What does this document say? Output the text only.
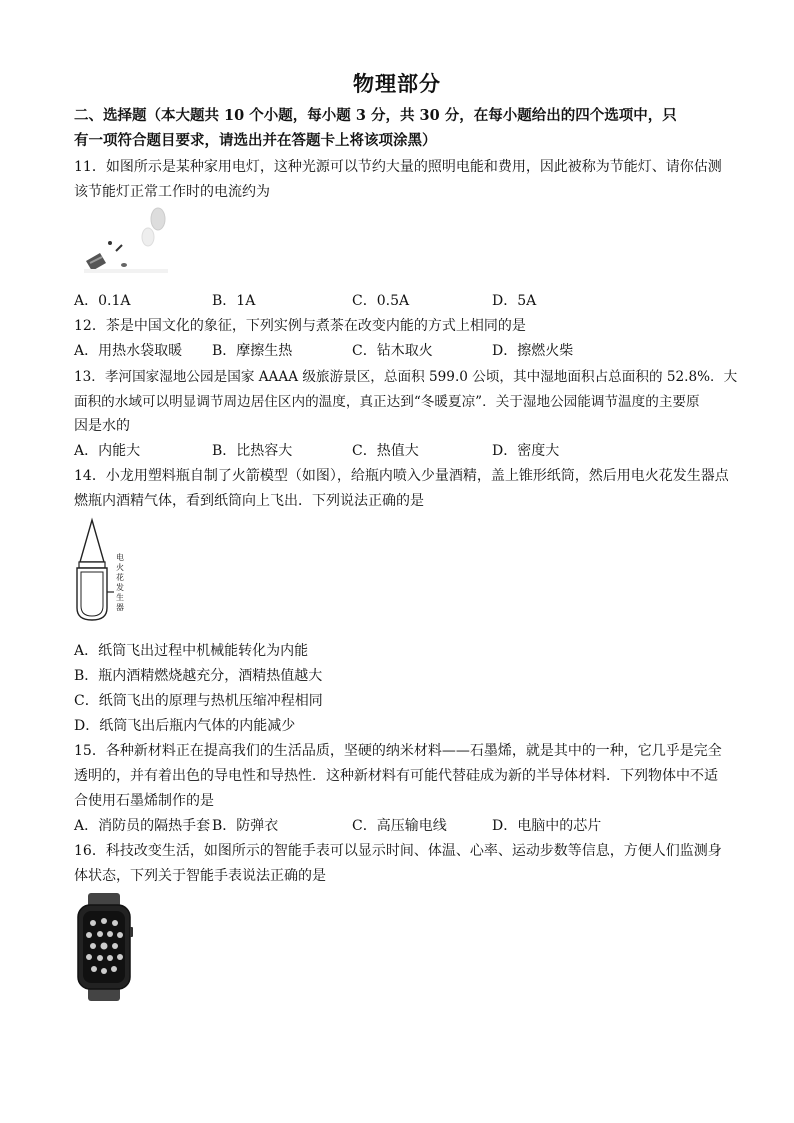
物理部分
二、选择题（本大题共 10 个小题，每小题 3 分，共 30 分，在每小题给出的四个选项中，只
有一项符合题目要求，请选出并在答题卡上将该项涂黑）
11．如图所示是某种家用电灯，这种光源可以节约大量的照明电能和费用，因此被称为节能灯、请你估测
该节能灯正常工作时的电流约为
A．0.1A	B．1A	C．0.5A	D．5A
12．茶是中国文化的象征，下列实例与煮茶在改变内能的方式上相同的是
A．用热水袋取暖 B．摩擦生热	C．钻木取火	D．擦燃火柴
13．孝河国家湿地公园是国家 AAAA 级旅游景区，总面积 599.0 公顷，其中湿地面积占总面积的 52.8%．大
面积的水域可以明显调节周边居住区内的温度，真正达到“冬暖夏凉”．关于湿地公园能调节温度的主要原
因是水的
A．内能大	B．比热容大	C．热值大	D．密度大
14．小龙用塑料瓶自制了火箭模型（如图），给瓶内喷入少量酒精，盖上锥形纸筒，然后用电火花发生器点
燃瓶内酒精气体，看到纸筒向上飞出．下列说法正确的是
电
火
花
发
生
器
A．纸筒飞出过程中机械能转化为内能
B．瓶内酒精燃烧越充分，酒精热值越大
C．纸筒飞出的原理与热机压缩冲程相同
D．纸筒飞出后瓶内气体的内能减少
15．各种新材料正在提高我们的生活品质，坚硬的纳米材料——石墨烯，就是其中的一种，它几乎是完全
透明的，并有着出色的导电性和导热性．这种新材料有可能代替硅成为新的半导体材料．下列物体中不适
合使用石墨烯制作的是
A．消防员的隔热手套 B．防弹衣	C．高压输电线	D．电脑中的芯片
16．科技改变生活，如图所示的智能手表可以显示时间、体温、心率、运动步数等信息，方便人们监测身
体状态，下列关于智能手表说法正确的是
